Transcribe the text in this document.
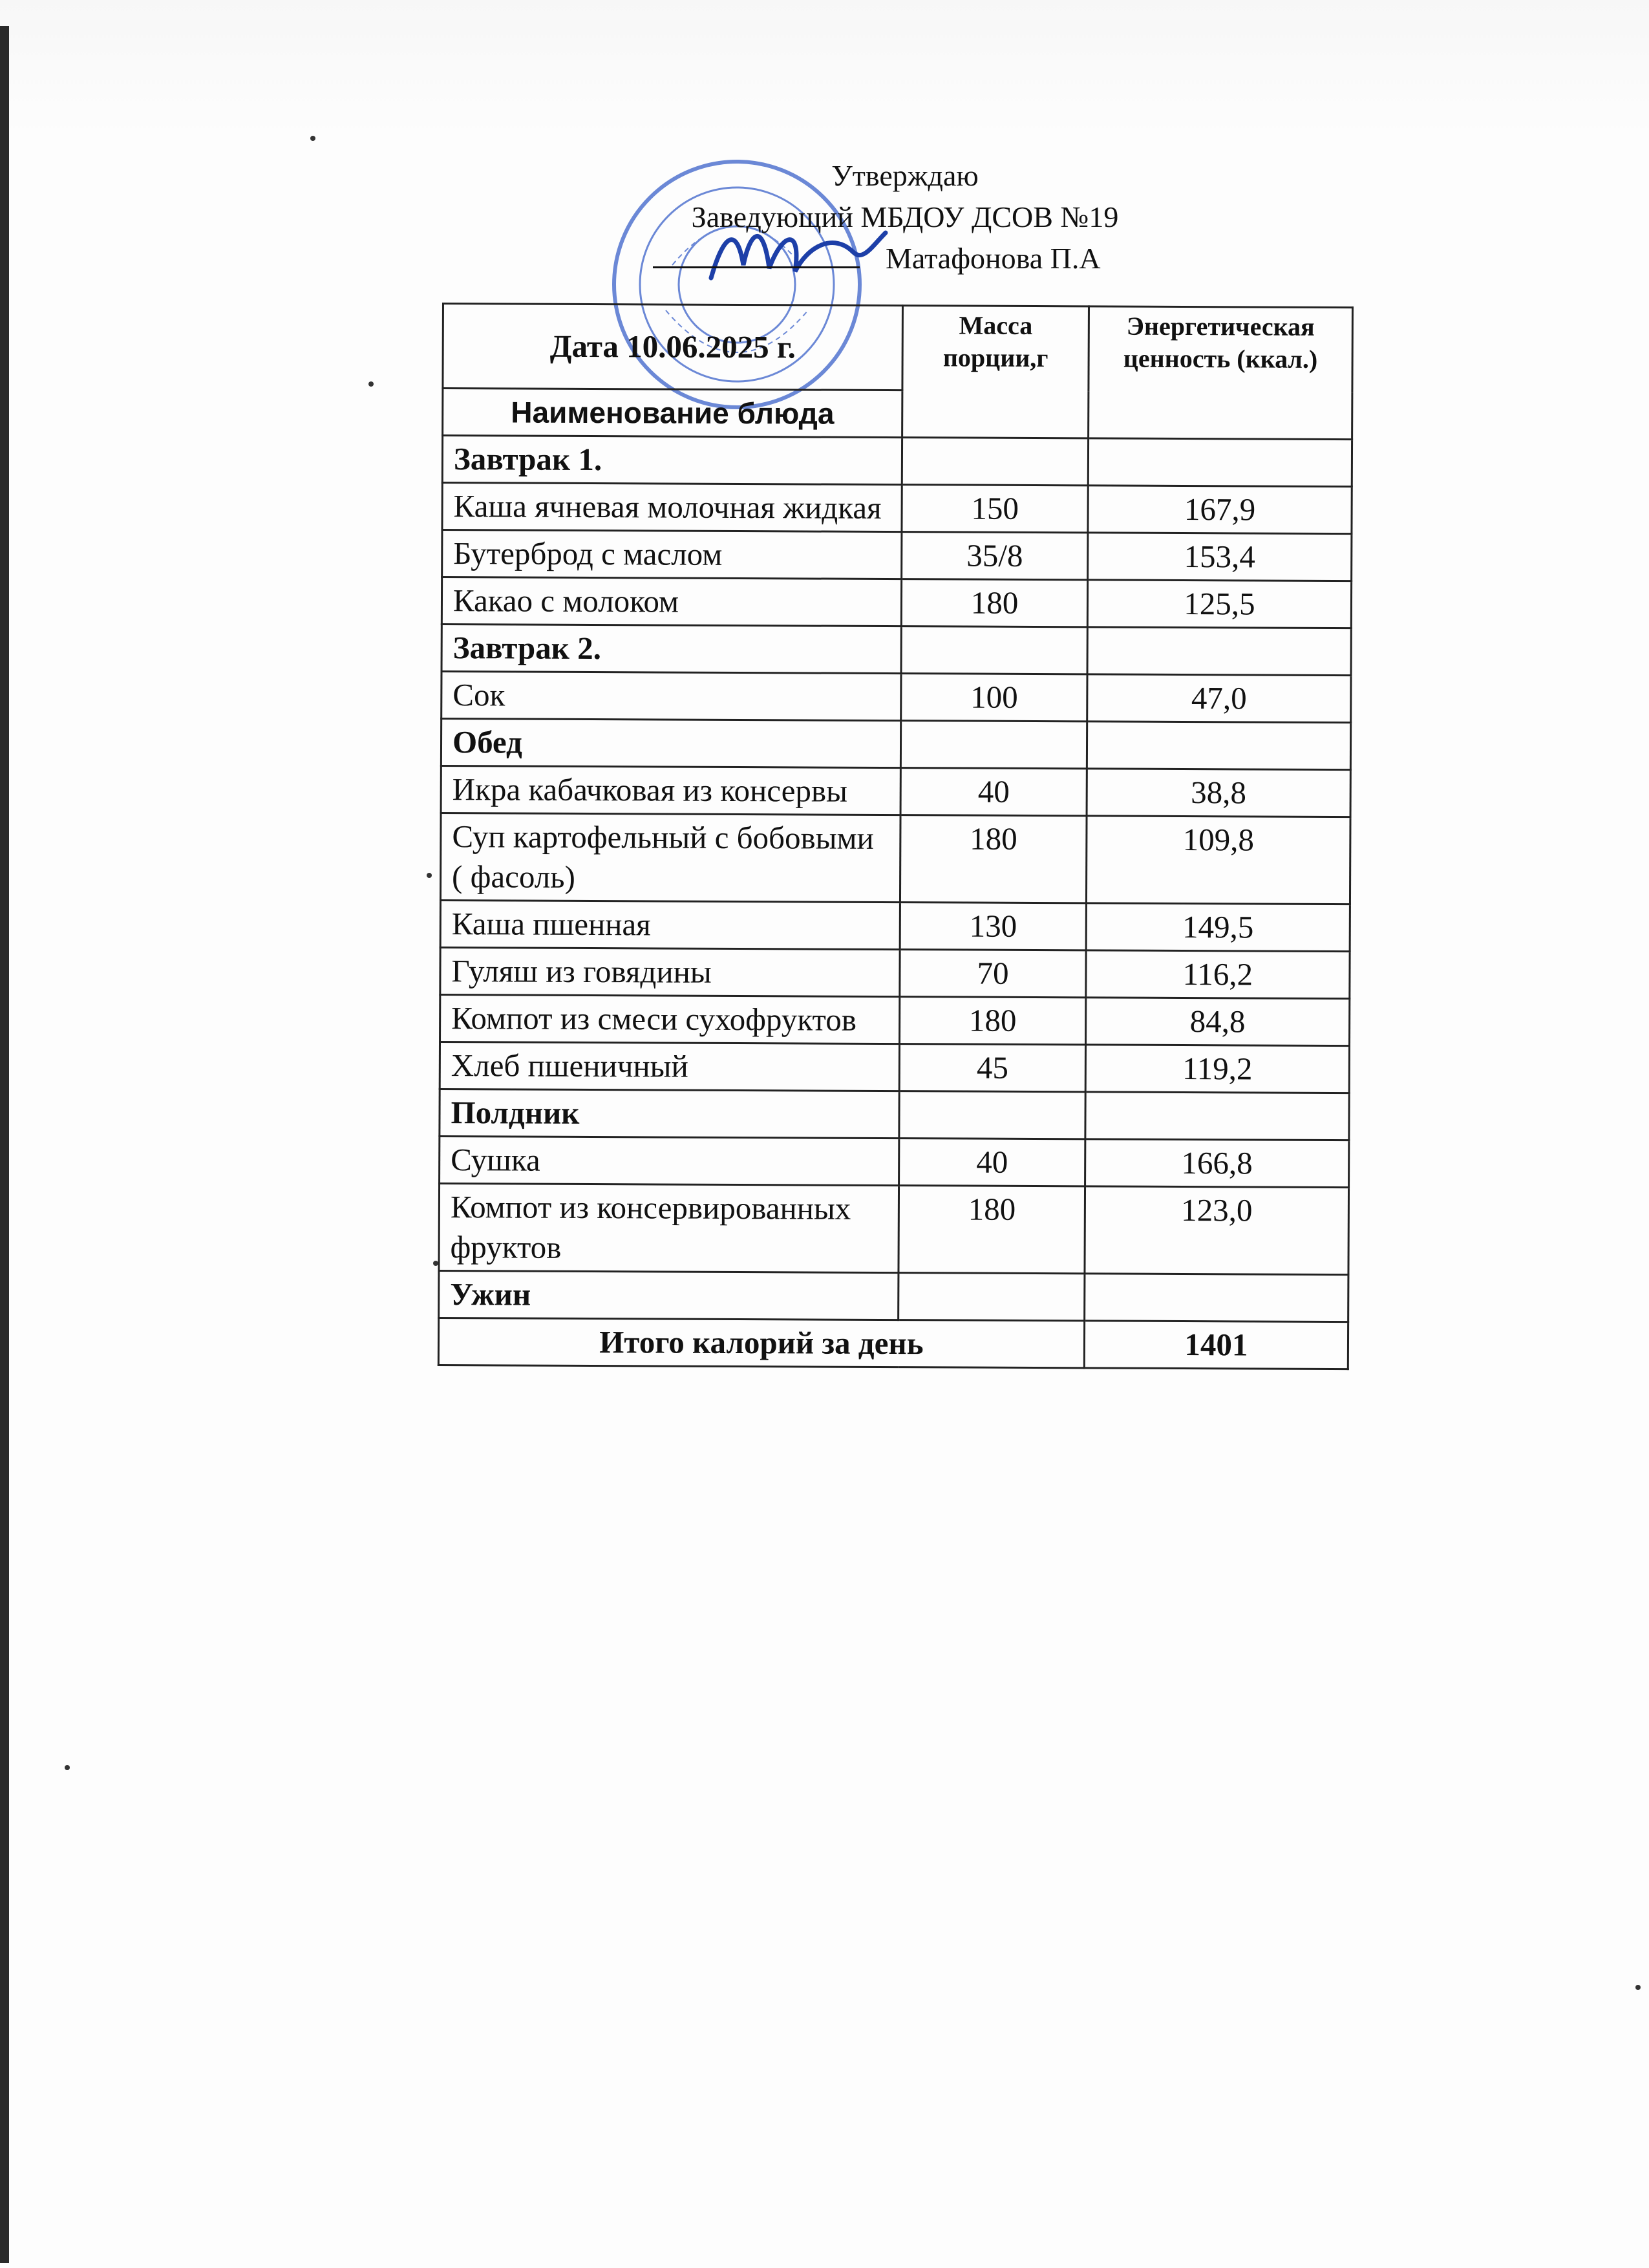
Утверждаю
Заведующий МБДОУ ДСОВ №19
Матафонова П.А
Дата 10.06.2025 г.	Масса порции,г	Энергетическая ценность (ккал.)
Наименование блюда		
Завтрак 1.		
Каша ячневая молочная жидкая	150	167,9
Бутерброд с маслом	35/8	153,4
Какао с молоком	180	125,5
Завтрак 2.		
Сок	100	47,0
Обед		
Икра кабачковая из консервы	40	38,8
Суп картофельный с бобовыми ( фасоль)	180	109,8
Каша пшенная	130	149,5
Гуляш из говядины	70	116,2
Компот из смеси сухофруктов	180	84,8
Хлеб пшеничный	45	119,2
Полдник		
Сушка	40	166,8
Компот из консервированных фруктов	180	123,0
Ужин		
Итого калорий за день		1401
